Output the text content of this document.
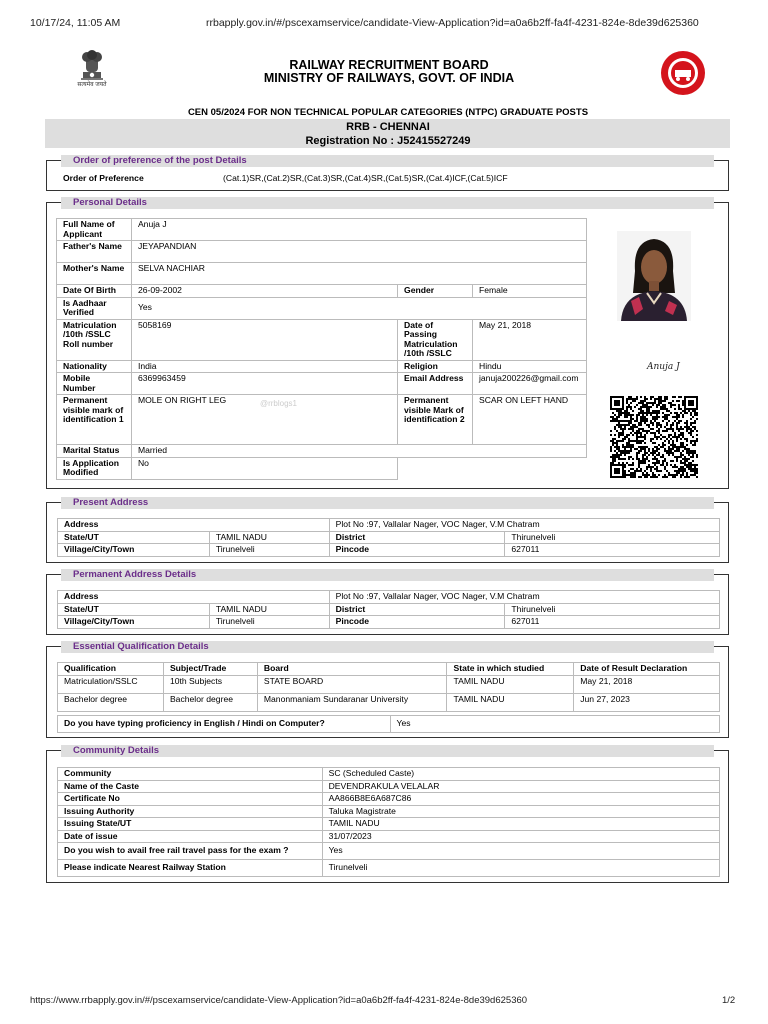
10/17/24, 11:05 AM	rrbapply.gov.in/#/pscexamservice/candidate-View-Application?id=a0a6b2ff-fa4f-4231-824e-8de39d625360
सत्यमेव जयते
RAILWAY RECRUITMENT BOARD
MINISTRY OF RAILWAYS, GOVT. OF INDIA
CEN 05/2024 FOR NON TECHNICAL POPULAR CATEGORIES (NTPC) GRADUATE POSTS
RRB - CHENNAI
Registration No : J52415527249
Order of preference of the post Details
Order of Preference	(Cat.1)SR,(Cat.2)SR,(Cat.3)SR,(Cat.4)SR,(Cat.5)SR,(Cat.4)ICF,(Cat.5)ICF
Personal Details
Full Name of Applicant	Anuja J		
Father's Name	JEYAPANDIAN		
Mother's Name	SELVA NACHIAR		
Date Of Birth	26-09-2002	Gender	Female
Is Aadhaar Verified	Yes		
Matriculation /10th /SSLC Roll number	5058169	Date of Passing Matriculation /10th /SSLC	May 21, 2018
Nationality	India	Religion	Hindu
Mobile Number	6369963459	Email Address	januja200226@gmail.com
Permanent visible mark of identification 1	MOLE ON RIGHT LEG @rrblogs1	Permanent visible Mark of identification 2	SCAR ON LEFT HAND
Marital Status	Married		
Is Application Modified	No		
Anuja J
Present Address
Address		Plot No :97, Vallalar Nager, VOC Nager, V.M Chatram	
State/UT	TAMIL NADU	District	Thirunelveli
Village/City/Town	Tirunelveli	Pincode	627011
Permanent Address Details
Address		Plot No :97, Vallalar Nager, VOC Nager, V.M Chatram	
State/UT	TAMIL NADU	District	Thirunelveli
Village/City/Town	Tirunelveli	Pincode	627011
Essential Qualification Details
Qualification	Subject/Trade	Board	State in which studied	Date of Result Declaration
Matriculation/SSLC	10th Subjects	STATE BOARD	TAMIL NADU	May 21, 2018
Bachelor degree	Bachelor degree	Manonmaniam Sundaranar University	TAMIL NADU	Jun 27, 2023
Do you have typing proficiency in English / Hindi on Computer?	Yes
Community Details
Community	SC (Scheduled Caste)
Name of the Caste	DEVENDRAKULA VELALAR
Certificate No	AA866B8E6A687C86
Issuing Authority	Taluka Magistrate
Issuing State/UT	TAMIL NADU
Date of issue	31/07/2023
Do you wish to avail free rail travel pass for the exam ?	Yes
Please indicate Nearest Railway Station	Tirunelveli
https://www.rrbapply.gov.in/#/pscexamservice/candidate-View-Application?id=a0a6b2ff-fa4f-4231-824e-8de39d625360	1/2
